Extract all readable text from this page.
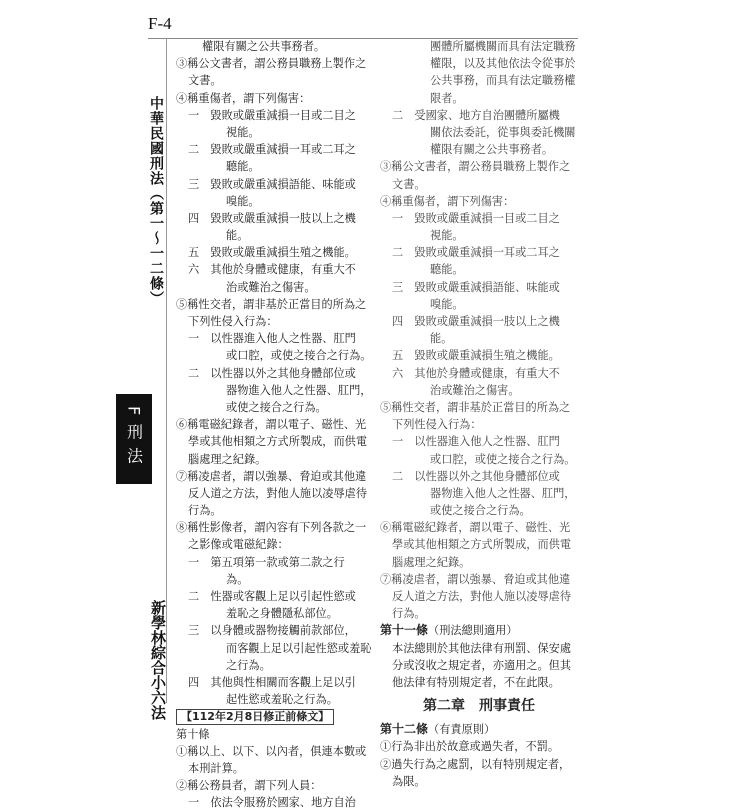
F-4
中華民國刑法（第一～一二條）
F刑法
新學林綜合小六法
權限有關之公共事務者。
③稱公文書者，謂公務員職務上製作之
文書。
④稱重傷者，謂下列傷害：
一　毀敗或嚴重減損一目或二目之
視能。
二　毀敗或嚴重減損一耳或二耳之
聽能。
三　毀敗或嚴重減損語能、味能或
嗅能。
四　毀敗或嚴重減損一肢以上之機
能。
五　毀敗或嚴重減損生殖之機能。
六　其他於身體或健康，有重大不
治或難治之傷害。
⑤稱性交者，謂非基於正當目的所為之
下列性侵入行為：
一　以性器進入他人之性器、肛門
或口腔，或使之接合之行為。
二　以性器以外之其他身體部位或
器物進入他人之性器、肛門，
或使之接合之行為。
⑥稱電磁紀錄者，謂以電子、磁性、光
學或其他相類之方式所製成，而供電
腦處理之紀錄。
⑦稱凌虐者，謂以強暴、脅迫或其他違
反人道之方法，對他人施以凌辱虐待
行為。
⑧稱性影像者，謂內容有下列各款之一
之影像或電磁紀錄：
一　第五項第一款或第二款之行
為。
二　性器或客觀上足以引起性慾或
羞恥之身體隱私部位。
三　以身體或器物接觸前款部位，
而客觀上足以引起性慾或羞恥
之行為。
四　其他與性相關而客觀上足以引
起性慾或羞恥之行為。
【112年2月8日修正前條文】
第十條
①稱以上、以下、以內者，俱連本數或
本刑計算。
②稱公務員者，謂下列人員：
一　依法令服務於國家、地方自治
團體所屬機關而具有法定職務
權限，以及其他依法令從事於
公共事務，而具有法定職務權
限者。
二　受國家、地方自治團體所屬機
關依法委託，從事與委託機關
權限有關之公共事務者。
③稱公文書者，謂公務員職務上製作之
文書。
④稱重傷者，謂下列傷害：
一　毀敗或嚴重減損一目或二目之
視能。
二　毀敗或嚴重減損一耳或二耳之
聽能。
三　毀敗或嚴重減損語能、味能或
嗅能。
四　毀敗或嚴重減損一肢以上之機
能。
五　毀敗或嚴重減損生殖之機能。
六　其他於身體或健康，有重大不
治或難治之傷害。
⑤稱性交者，謂非基於正當目的所為之
下列性侵入行為：
一　以性器進入他人之性器、肛門
或口腔，或使之接合之行為。
二　以性器以外之其他身體部位或
器物進入他人之性器、肛門，
或使之接合之行為。
⑥稱電磁紀錄者，謂以電子、磁性、光
學或其他相類之方式所製成，而供電
腦處理之紀錄。
⑦稱凌虐者，謂以強暴、脅迫或其他違
反人道之方法，對他人施以凌辱虐待
行為。
第十一條（刑法總則適用）
本法總則於其他法律有刑罰、保安處
分或沒收之規定者，亦適用之。但其
他法律有特別規定者，不在此限。
第二章　刑事責任
第十二條（有責原則）
①行為非出於故意或過失者，不罰。
②過失行為之處罰，以有特別規定者，
為限。
